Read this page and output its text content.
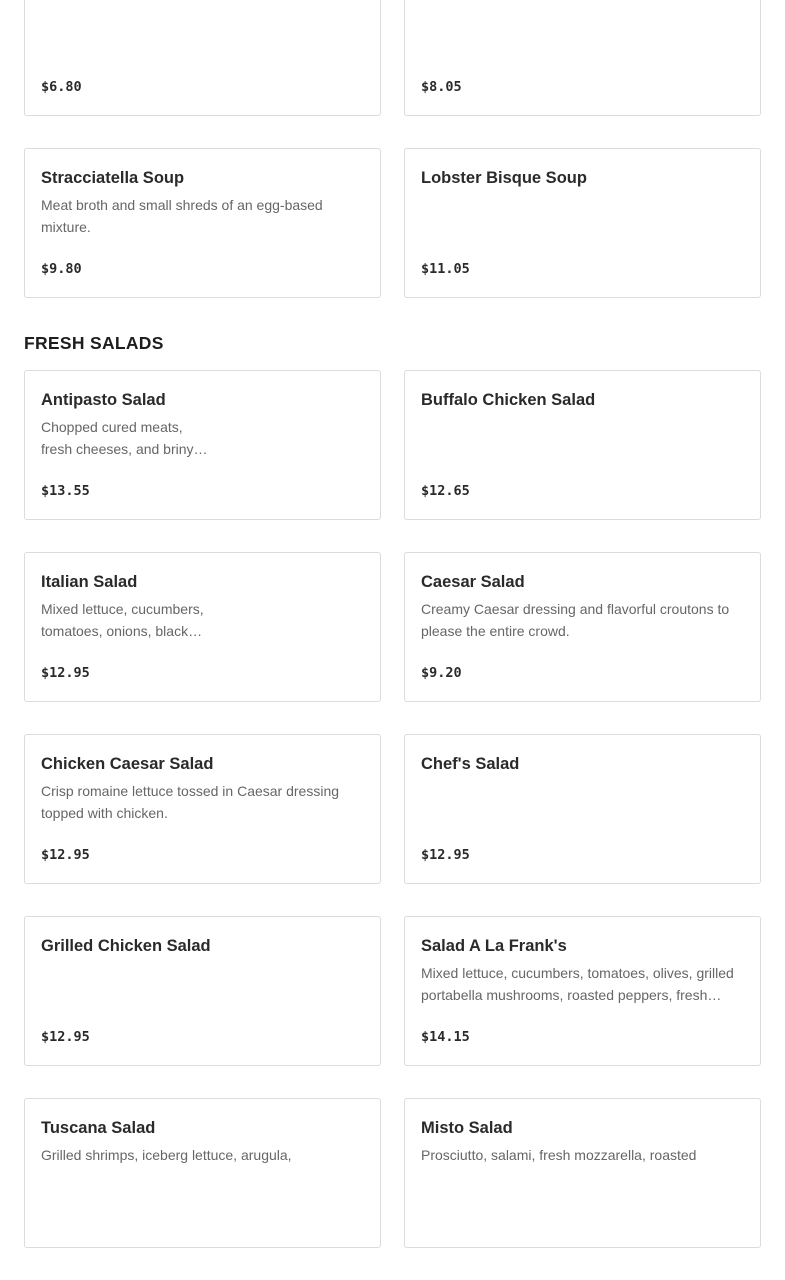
$6.80	$8.05
Stracciatella Soup
Meat broth and small shreds of an egg-based mixture.
$9.80
Lobster Bisque Soup
$11.05
FRESH SALADS
Antipasto Salad
Chopped cured meats, fresh cheeses, and briny…
$13.55
Buffalo Chicken Salad
$12.65
Italian Salad
Mixed lettuce, cucumbers, tomatoes, onions, black…
$12.95
Caesar Salad
Creamy Caesar dressing and flavorful croutons to please the entire crowd.
$9.20
Chicken Caesar Salad
Crisp romaine lettuce tossed in Caesar dressing topped with chicken.
$12.95
Chef's Salad
$12.95
Grilled Chicken Salad
$12.95
Salad A La Frank's
Mixed lettuce, cucumbers, tomatoes, olives, grilled portabella mushrooms, roasted peppers, fresh…
$14.15
Tuscana Salad
Grilled shrimps, iceberg lettuce, arugula,
Misto Salad
Prosciutto, salami, fresh mozzarella, roasted
